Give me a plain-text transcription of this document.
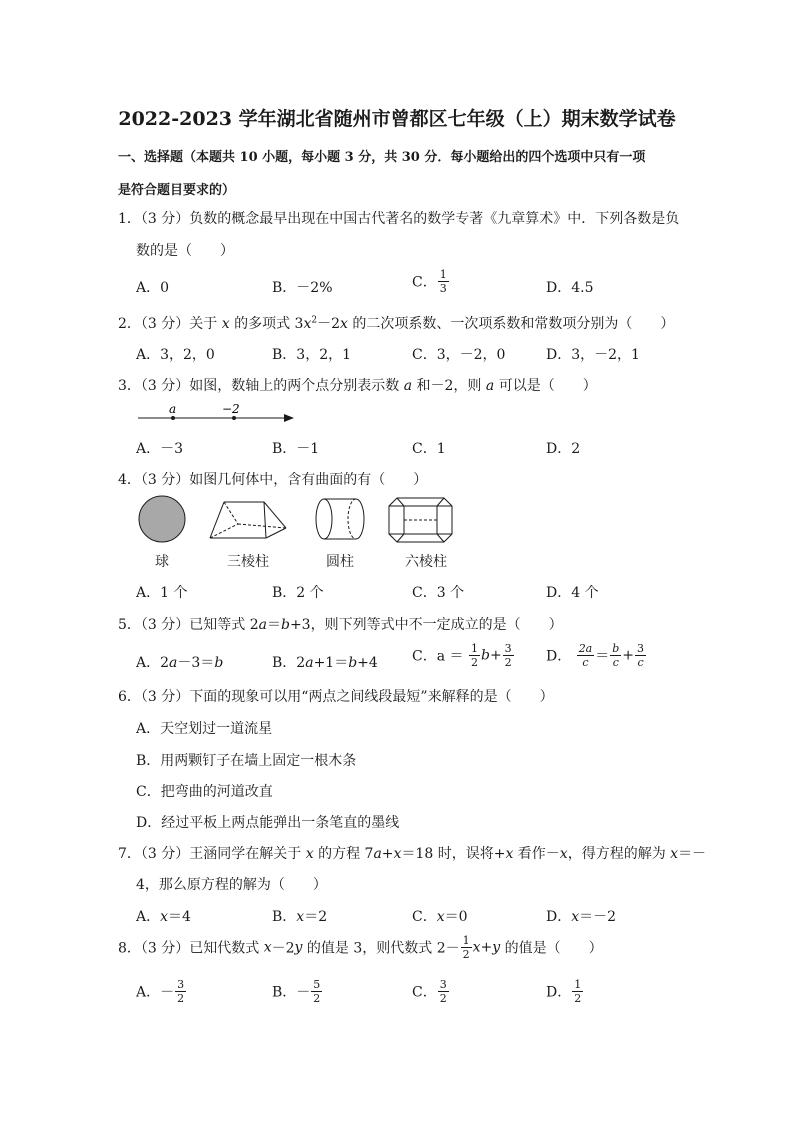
2022-2023 学年湖北省随州市曾都区七年级（上）期末数学试卷
一、选择题（本题共 10 小题，每小题 3 分，共 30 分．每小题给出的四个选项中只有一项
是符合题目要求的）
1．（3 分）负数的概念最早出现在中国古代著名的数学专著《九章算术》中．下列各数是负
数的是（　　）
A．0	B．－2%	C． $\frac{1}{3}$	D．4.5
2．（3 分）关于 x 的多项式 $3x^2-2x$ 的二次项系数、一次项系数和常数项分别为（　　）
A．3，2，0	B．3，2，1	C．3，－2，0	D．3，－2，1
3．（3 分）如图，数轴上的两个点分别表示数 a 和－2，则 a 可以是（　　）
a	−2
A．－3	B．－1	C．1	D．2
4．（3 分）如图几何体中，含有曲面的有（　　）
球	三棱柱	圆柱	六棱柱
A．1 个	B．2 个	C．3 个	D．4 个
5．（3 分）已知等式 2a＝b+3，则下列等式中不一定成立的是（　　）
A．2a－3＝b	B．2a+1＝b+4 C．$a = \frac{1}{2} b+ \frac{3}{2}$ D． $\frac{2a}{c} = \frac{b}{c} + \frac{3}{c}$
6．（3 分）下面的现象可以用“两点之间线段最短”来解释的是（　　）
A．天空划过一道流星
B．用两颗钉子在墙上固定一根木条
C．把弯曲的河道改直
D．经过平板上两点能弹出一条笔直的墨线
7．（3 分）王涵同学在解关于 x 的方程 7a+x＝18 时，误将+x 看作－x，得方程的解为 x＝－
4，那么原方程的解为（　　）
A．x＝4	B．x＝2	C．x＝0	D．x＝－2
8．（3 分）已知代数式 x－2y 的值是 3，则代数式 $2- \frac{1}{2} x+y$ 的值是（　　）
A．－ $\frac{3}{2}$	B．－ $\frac{5}{2}$	C． $\frac{3}{2}$	D． $\frac{1}{2}$
